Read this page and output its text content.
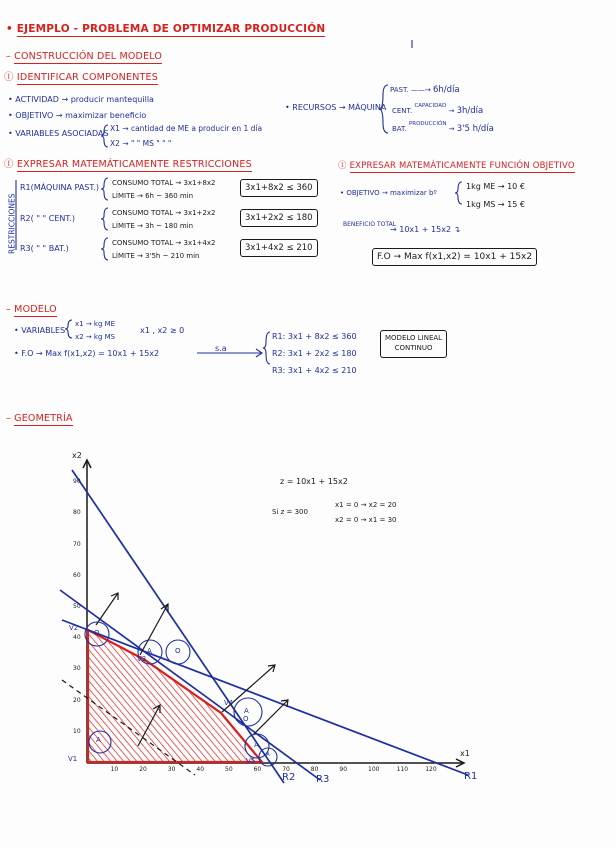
• EJEMPLO - PROBLEMA DE OPTIMIZAR PRODUCCIÓN
– CONSTRUCCIÓN DEL MODELO
Ⓘ IDENTIFICAR COMPONENTES
• ACTIVIDAD → producir mantequilla
• OBJETIVO → maximizar beneficio
• VARIABLES ASOCIADAS
X1 → cantidad de ME a producir en 1 día
X2 → " " MS " " "
• RECURSOS → MÁQUINA
PAST. ——→ 6h/día
CENT. $^{CAPACIDAD}$ → 3h/día
BAT. $^{PRODUCCIÓN}$ → 3'5 h/día
Ⓘ EXPRESAR MATEMÁTICAMENTE RESTRICCIONES
RESTRICCIONES
R1(MÁQUINA PAST.) CONSUMO TOTAL → 3x1+8x2
LÍMITE → 6h ~ 360 min
3x1+8x2 ≤ 360
R2( " " CENT.)
CONSUMO TOTAL → 3x1+2x2
LÍMITE → 3h ~ 180 min
3x1+2x2 ≤ 180
R3( " " BAT.)
CONSUMO TOTAL → 3x1+4x2
LÍMITE → 3'5h ~ 210 min
3x1+4x2 ≤ 210
Ⓘ EXPRESAR MATEMÁTICAMENTE FUNCIÓN OBJETIVO
• OBJETIVO → maximizar bº
1kg ME → 10 €
1kg MS → 15 €
BENEFICIO TOTAL
→ 10x1 + 15x2 ↴
F.O → Max f(x1,x2) = 10x1 + 15x2
– MODELO
• VARIABLES
x1 → kg ME
x2 → kg MS
x1 , x2 ≥ 0
• F.O → Max f(x1,x2) = 10x1 + 15x2
s.a
R1: 3x1 + 8x2 ≤ 360
R2: 3x1 + 2x2 ≤ 180
R3: 3x1 + 4x2 ≤ 210
MODELO LINEAL
CONTINUO
– GEOMETRÍA
z = 10x1 + 15x2
Si z = 300
x1 = 0 → x2 = 20
x2 = 0 → x1 = 30
x2
x1
10	20	30	40	50	60	70	80	90	100	110	120
10
20
30
40
50
60
70
80
90
R2 R3	R1
V1
V2
V3
V4
V5
A
O
A	O
A
A
A
O
